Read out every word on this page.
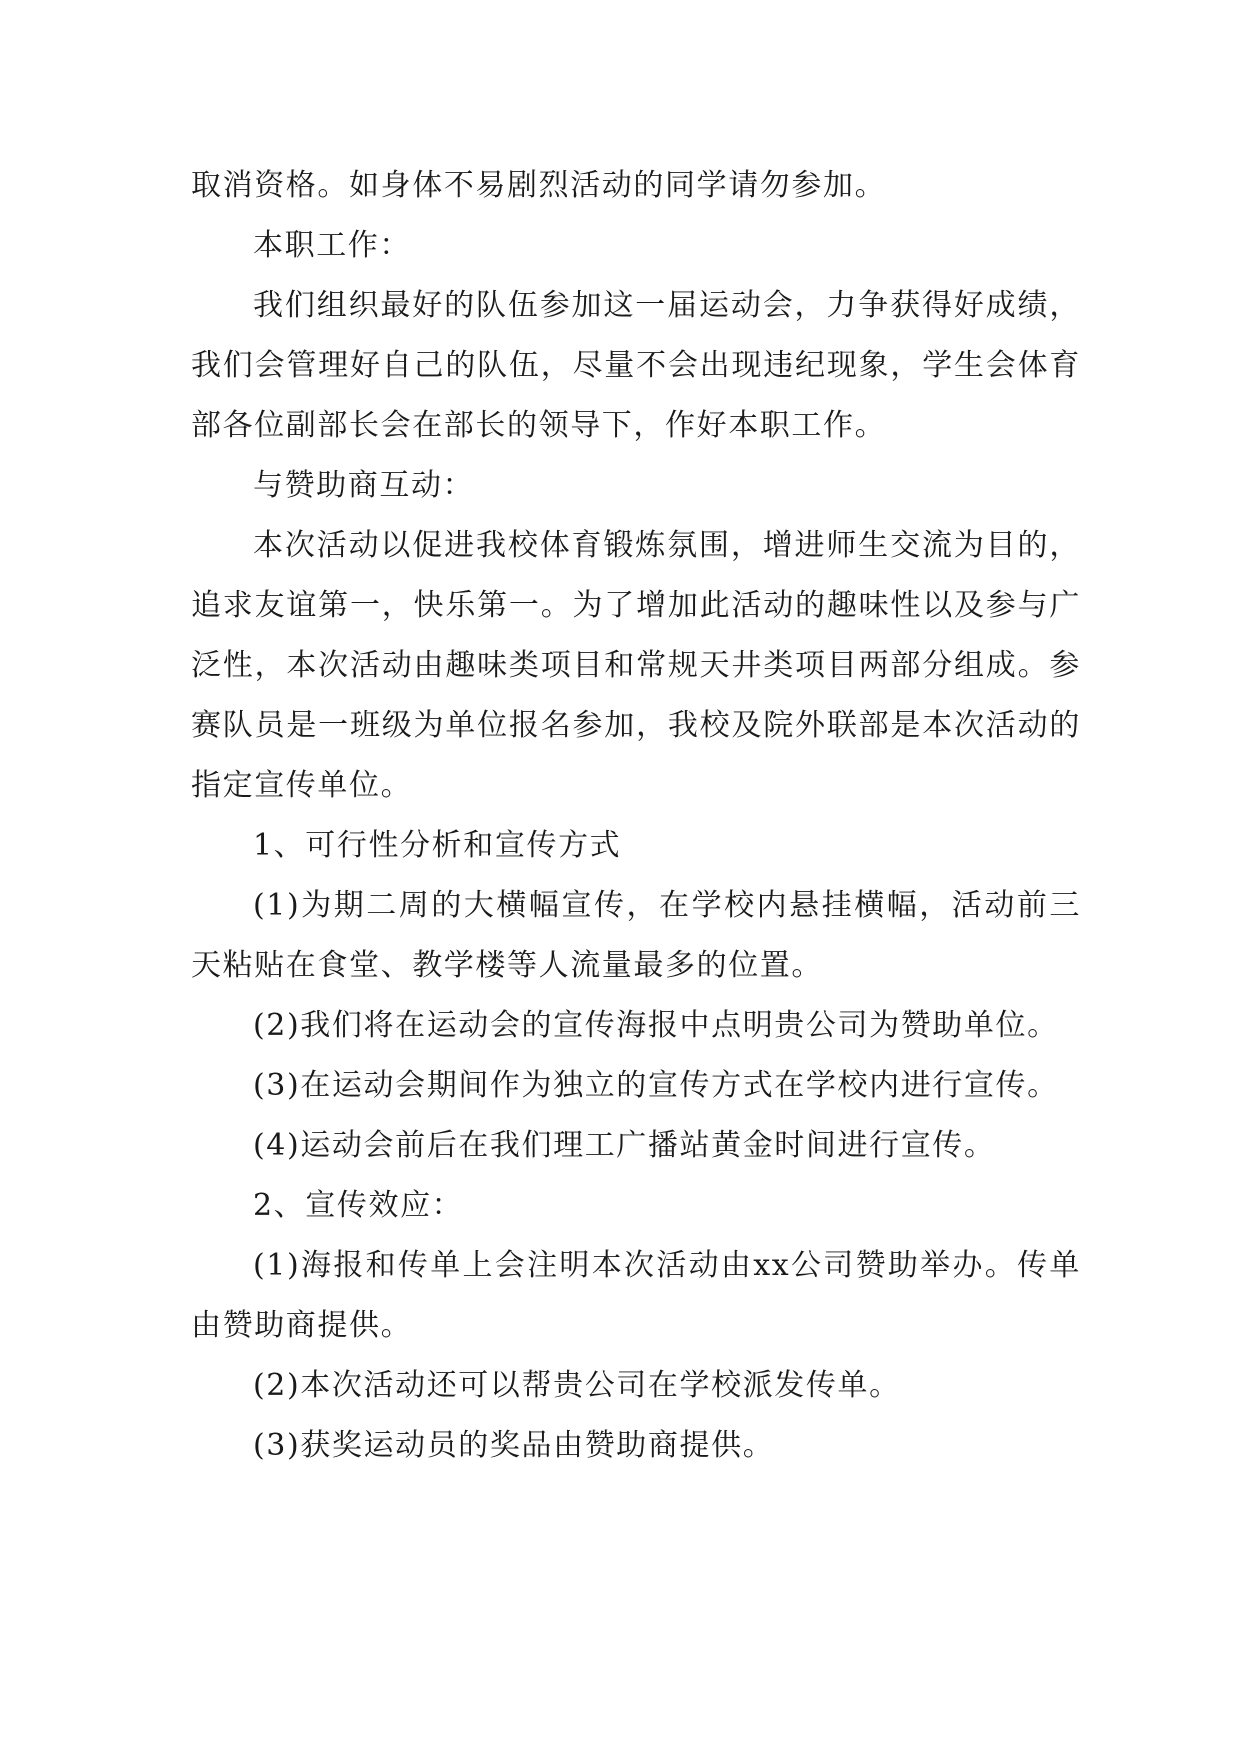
取消资格。如身体不易剧烈活动的同学请勿参加。

本职工作：

我们组织最好的队伍参加这一届运动会，力争获得好成绩，我们会管理好自己的队伍，尽量不会出现违纪现象，学生会体育部各位副部长会在部长的领导下，作好本职工作。

与赞助商互动：

本次活动以促进我校体育锻炼氛围，增进师生交流为目的，追求友谊第一，快乐第一。为了增加此活动的趣味性以及参与广泛性，本次活动由趣味类项目和常规天井类项目两部分组成。参赛队员是一班级为单位报名参加，我校及院外联部是本次活动的指定宣传单位。

1、可行性分析和宣传方式

(1)为期二周的大横幅宣传，在学校内悬挂横幅，活动前三天粘贴在食堂、教学楼等人流量最多的位置。

(2)我们将在运动会的宣传海报中点明贵公司为赞助单位。

(3)在运动会期间作为独立的宣传方式在学校内进行宣传。

(4)运动会前后在我们理工广播站黄金时间进行宣传。

2、宣传效应：

(1)海报和传单上会注明本次活动由xx公司赞助举办。传单由赞助商提供。

(2)本次活动还可以帮贵公司在学校派发传单。

(3)获奖运动员的奖品由赞助商提供。
